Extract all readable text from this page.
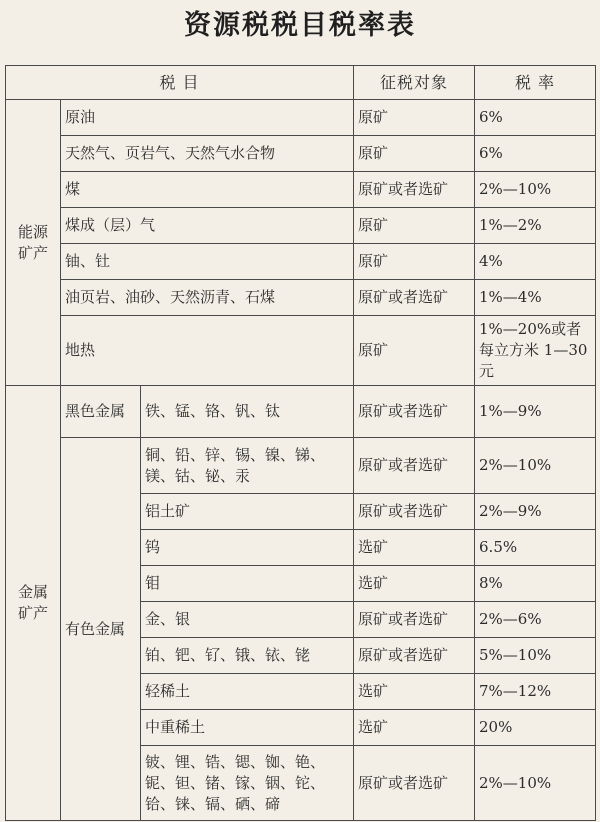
资源税税目税率表
税 目			征税对象	税 率

能源
矿产	原油		原矿	6%
	天然气、页岩气、天然气水合物		原矿	6%
	煤		原矿或者选矿	2%—10%
	煤成（层）气		原矿	1%—2%
	铀、钍		原矿	4%
	油页岩、油砂、天然沥青、石煤		原矿或者选矿	1%—4%
	地热		原矿	1%—20%或者每立方米 1—30 元

金属
矿产	黑色金属	铁、锰、铬、钒、钛	原矿或者选矿	1%—9%
	有色金属	铜、铅、锌、锡、镍、锑、镁、钴、铋、汞	原矿或者选矿	2%—10%
		铝土矿	原矿或者选矿	2%—9%
		钨	选矿	6.5%
		钼	选矿	8%
		金、银	原矿或者选矿	2%—6%
		铂、钯、钌、锇、铱、铑	原矿或者选矿	5%—10%
		轻稀土	选矿	7%—12%
		中重稀土	选矿	20%
		铍、锂、锆、锶、铷、铯、铌、钽、锗、镓、铟、铊、铪、铼、镉、硒、碲	原矿或者选矿	2%—10%
